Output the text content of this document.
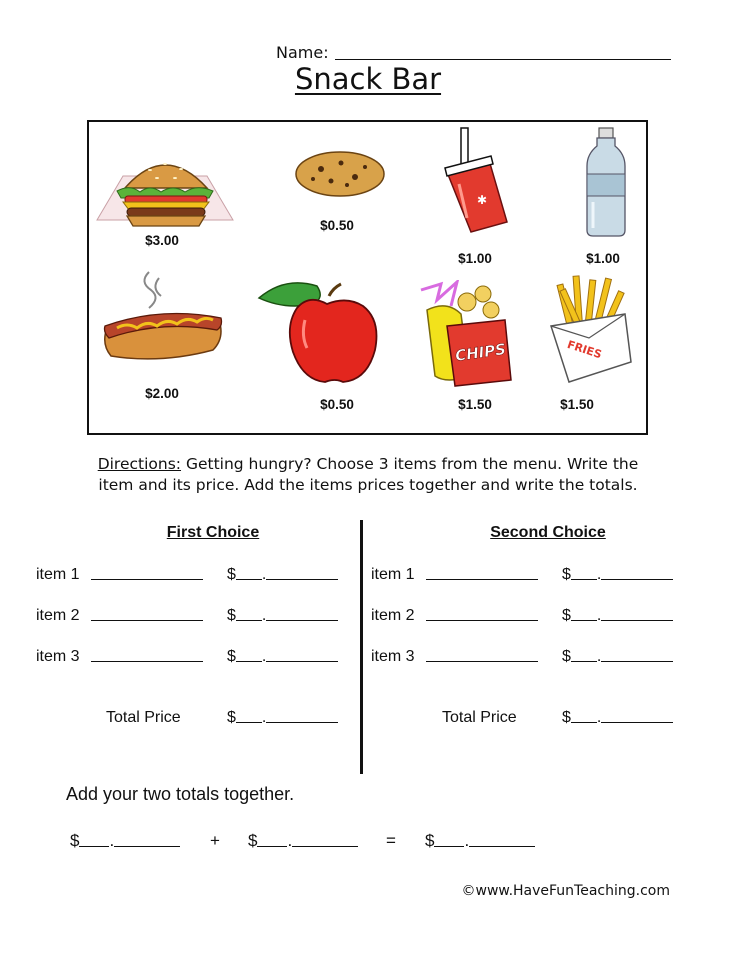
Name:
Snack Bar
$3.00
$0.50
✱
$1.00	$1.00
$2.00
$0.50
CHIPS
$1.50
FRIES
$1.50
Directions: Getting hungry? Choose 3 items from the menu. Write the
item and its price. Add the items prices together and write the totals.
First Choice	Second Choice
item 1	$ .
item 2	$ .
item 3	$ .
Total Price	$ .
item 1	$ .
item 2	$ .
item 3	$ .
Total Price	$ .
Add your two totals together.
$ .	+ $ .	= $ .
©www.HaveFunTeaching.com
